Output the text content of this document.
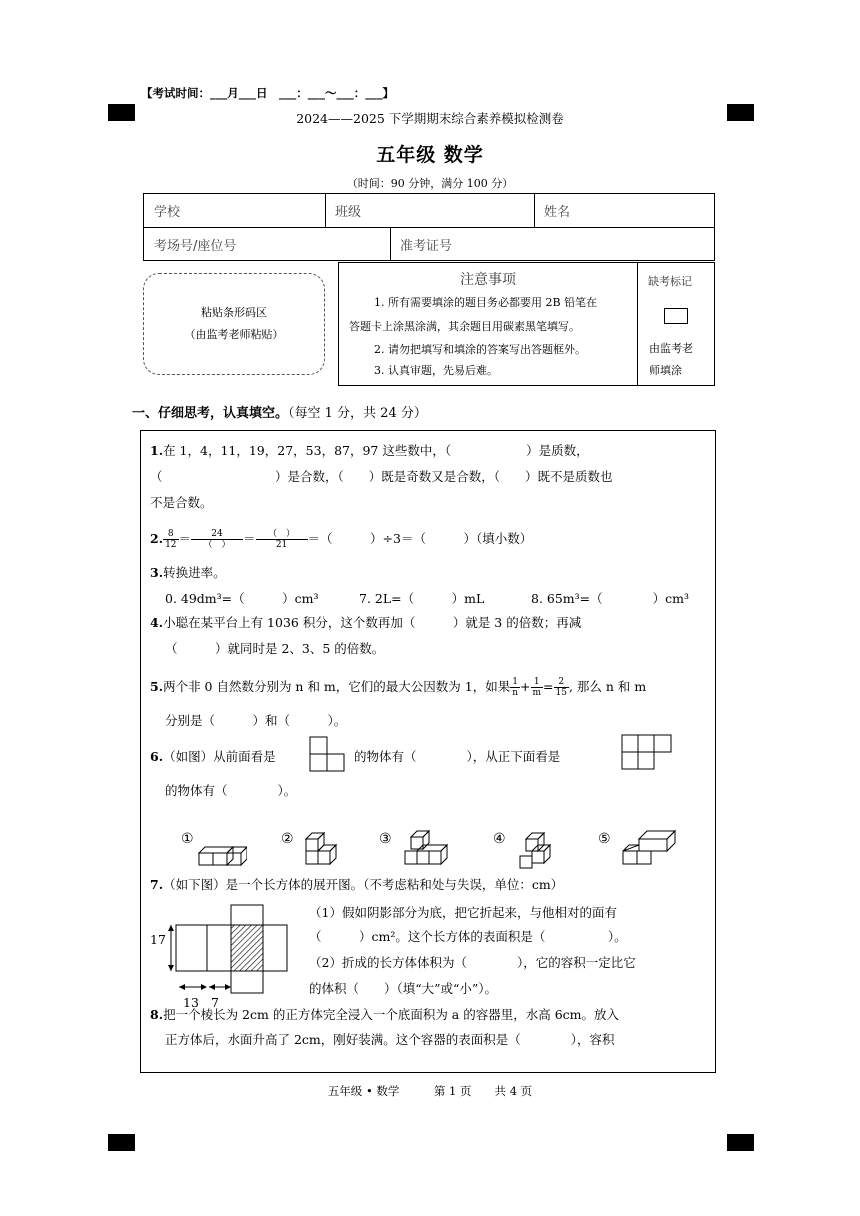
【考试时间：___月___日　___：___～___：___】
2024——2025 下学期期末综合素养模拟检测卷
五年级 数学
（时间：90 分钟，满分 100 分）
学校	班级	姓名
考场号/座位号	准考证号
粘贴条形码区
（由监考老师粘贴）
注意事项
1. 所有需要填涂的题目务必都要用 2B 铅笔在
答题卡上涂黑涂满，其余题目用碳素黑笔填写。
2. 请勿把填写和填涂的答案写出答题框外。
3. 认真审题，先易后难。
缺考标记
由监考老
师填涂
一、仔细思考，认真填空。（每空 1 分，共 24 分）
1.在 1，4，11，19，27，53，87，97 这些数中，（　　　　　　）是质数，
（　　　　　　　　　）是合数，（　　）既是奇数又是合数，（　　）既不是质数也
不是合数。
2. $\frac{8}{12} = \frac{24}{( )} = \frac{( )}{21}$ ＝（　　　）÷3＝（　　　）（填小数）
3.转换进率。
0. 49dm³=（　　　）cm³	7. 2L=（　　　）mL	8. 65m³=（　　　　）cm³
4.小聪在某平台上有 1036 积分，这个数再加（　　　）就是 3 的倍数；再减
（　　　）就同时是 2、3、5 的倍数。
5.两个非 0 自然数分别为 n 和 m，它们的最大公因数为 1，如果 $\frac{1}{n} + \frac{1}{m} = \frac{2}{15}$ , 那么 n 和 m
分别是（　　　）和（　　　）。
6.（如图）从前面看是	的物体有（　　　　），从正下面看是
的物体有（　　　　）。
①	②	③	④	⑤
7.（如下图）是一个长方体的展开图。（不考虑粘和处与失误，单位：cm）
17
13 7
（1）假如阴影部分为底，把它折起来，与他相对的面有
（　　　）cm²。这个长方体的表面积是（　　　　　）。
（2）折成的长方体体积为（　　　　），它的容积一定比它
的体积（　　）（填“大”或“小”）。
8.把一个棱长为 2cm 的正方体完全浸入一个底面积为 a 的容器里，水高 6cm。放入
正方体后，水面升高了 2cm，刚好装满。这个容器的表面积是（　　　　），容积
五年级 • 数学　　　第 1 页　　共 4 页
